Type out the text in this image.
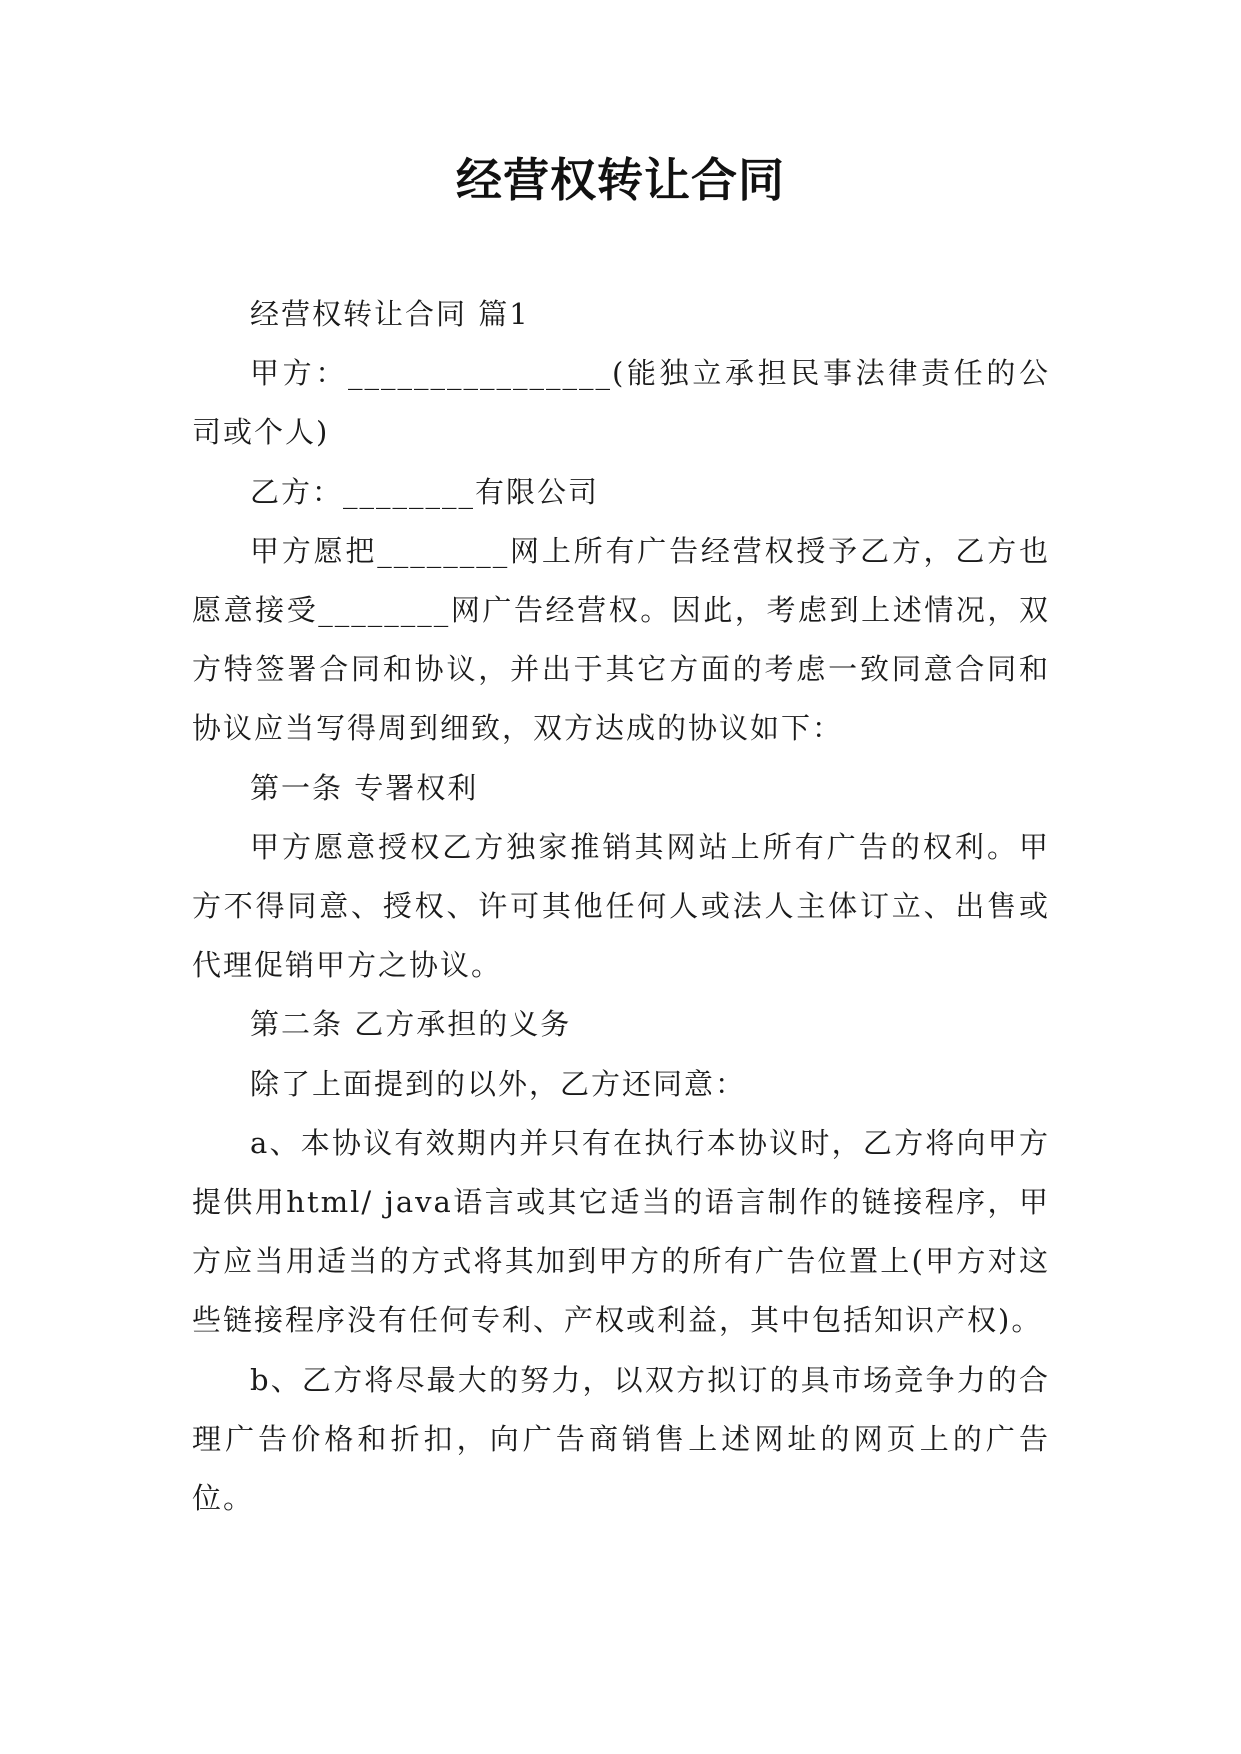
经营权转让合同

经营权转让合同 篇1

甲方：________________(能独立承担民事法律责任的公司或个人)

乙方：________有限公司

甲方愿把________网上所有广告经营权授予乙方，乙方也愿意接受________网广告经营权。因此，考虑到上述情况，双方特签署合同和协议，并出于其它方面的考虑一致同意合同和协议应当写得周到细致，双方达成的协议如下：

第一条 专署权利

甲方愿意授权乙方独家推销其网站上所有广告的权利。甲方不得同意、授权、许可其他任何人或法人主体订立、出售或代理促销甲方之协议。

第二条 乙方承担的义务

除了上面提到的以外，乙方还同意：

a、本协议有效期内并只有在执行本协议时，乙方将向甲方提供用html/ java语言或其它适当的语言制作的链接程序，甲方应当用适当的方式将其加到甲方的所有广告位置上(甲方对这些链接程序没有任何专利、产权或利益，其中包括知识产权)。

b、乙方将尽最大的努力，以双方拟订的具市场竞争力的合理广告价格和折扣，向广告商销售上述网址的网页上的广告位。
